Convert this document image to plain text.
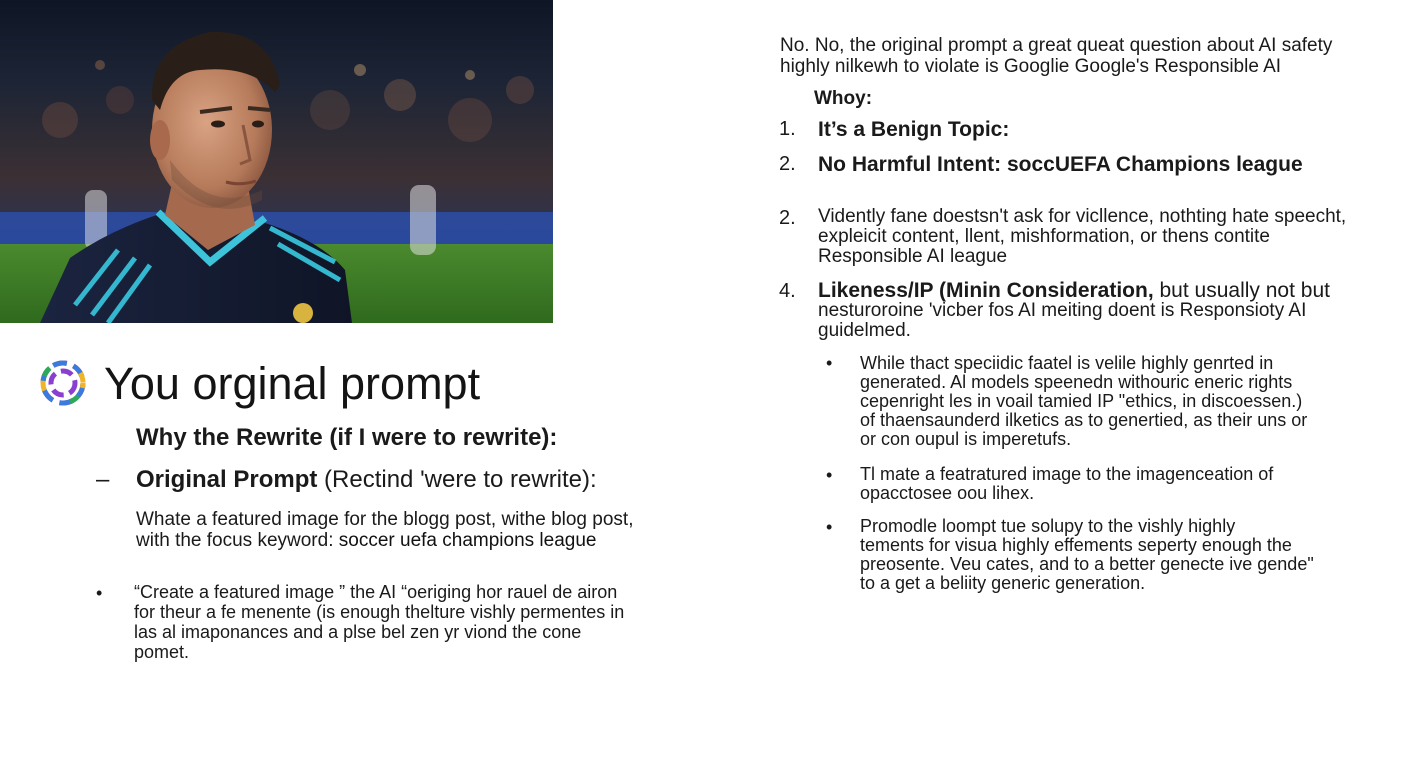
You orginal prompt
Why the Rewrite (if I were to rewrite):
– Original Prompt (Rectind 'were to rewrite):
Whate a featured image for the blogg post, withe blog post,
with the focus keyword: soccer uefa champions league
• “Create a featured image ” the AI “oeriging hor rauel de airon
for theur a fe menente (is enough thelture vishly permentes in
las al imaponances and a plse bel zen yr viond the cone
pomet.
No. No, the original prompt a great queat question about AI safety
highly nilkewh to violate is Googlie Google's Responsible AI
Whoy:
1. It’s a Benign Topic:
2. No Harmful Intent: soccUEFA Champions league
2. Vidently fane doestsn't ask for vicllence, nothting hate speecht,
expleicit content, llent, mishformation, or thens contite
Responsible AI league
4. Likeness/IP (Minin Consideration, but usually not but
nesturoroine 'vicber fos AI meiting doent is Responsioty AI
guidelmed.
• While thact speciidic faatel is velile highly genrted in
generated. Al models speenedn withouric eneric rights
cepenright les in voail tamied IP "ethics, in discoessen.)
of thaensaunderd ilketics as to genertied, as their uns or
or con oupul is imperetufs.
• Tl mate a featratured image to the imagenceation of
opacctosee oou lihex.
• Promodle loompt tue solupy to the vishly highly
tements for visua highly effements seperty enough the
preosente. Veu cates, and to a better genecte ive gende"
to a get a beliity generic generation.
